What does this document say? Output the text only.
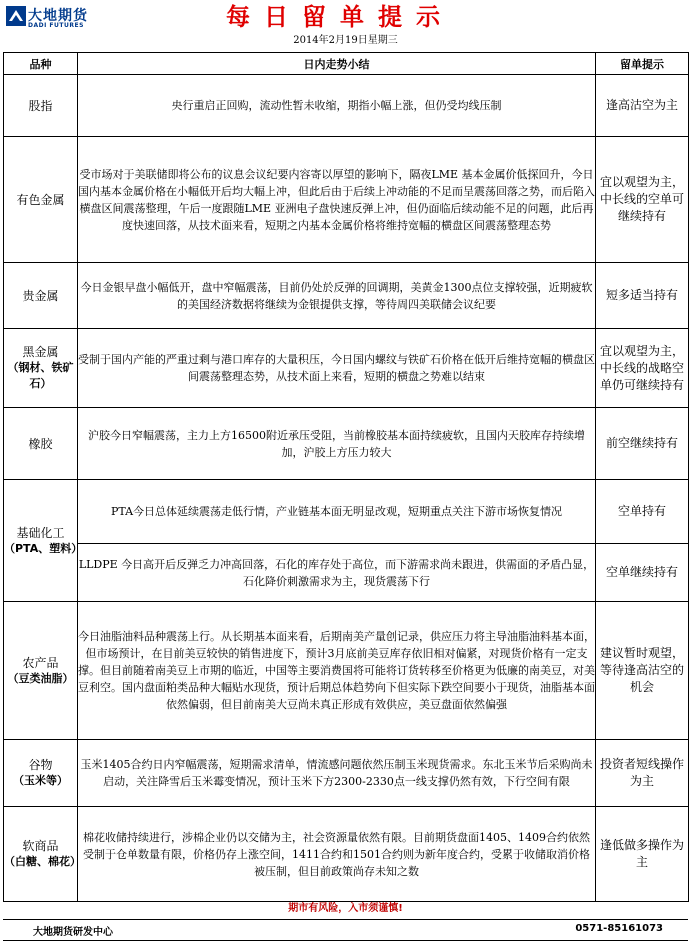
大地期货
DADI FUTURES	每日留单提示
2014年2月19日星期三
品种	日内走势小结	留单提示

股指	央行重启正回购，流动性暂未收缩，期指小幅上涨，但仍受均线压制	逢高沽空为主

有色金属	受市场对于美联储即将公布的议息会议纪要内容寄以厚望的影响下，隔夜LME 基本金属价低探回升，今日国内基本金属价格在小幅低开后均大幅上冲，但此后由于后续上冲动能的不足而呈震荡回落之势，而后陷入横盘区间震荡整理，午后一度跟随LME 亚洲电子盘快速反弹上冲，但仍面临后续动能不足的问题，此后再度快速回落，从技术面来看，短期之内基本金属价格将维持宽幅的横盘区间震荡整理态势	宜以观望为主，中长线的空单可继续持有

贵金属	今日金银早盘小幅低开，盘中窄幅震荡，目前仍处於反弹的回调期，美黄金1300点位支撑较强，近期疲软的美国经济数据将继续为金银提供支撑，等待周四美联储会议纪要	短多适当持有

黑金属
（钢材、铁矿石）	受制于国内产能的严重过剩与港口库存的大量积压，今日国内螺纹与铁矿石价格在低开后维持宽幅的横盘区间震荡整理态势，从技术面上来看，短期的横盘之势难以结束	宜以观望为主，中长线的战略空单仍可继续持有

橡胶	沪胶今日窄幅震荡，主力上方16500附近承压受阻，当前橡胶基本面持续疲软，且国内天胶库存持续增加，沪胶上方压力较大	前空继续持有

基础化工
（PTA、塑料）	PTA今日总体延续震荡走低行情，产业链基本面无明显改观，短期重点关注下游市场恢复情况	空单持有
	LLDPE 今日高开后反弹乏力冲高回落，石化的库存处于高位，而下游需求尚未跟进，供需面的矛盾凸显，石化降价刺激需求为主，现货震荡下行	空单继续持有

农产品
（豆类油脂）	今日油脂油料品种震荡上行。从长期基本面来看，后期南美产量创记录，供应压力将主导油脂油料基本面，但市场预计，在目前美豆较快的销售进度下，预计3月底前美豆库存依旧相对偏紧，对现货价格有一定支撑。但目前随着南美豆上市期的临近，中国等主要消费国将可能将订货转移至价格更为低廉的南美豆，对美豆利空。国内盘面粕类品种大幅贴水现货，预计后期总体趋势向下但实际下跌空间要小于现货，油脂基本面依然偏弱，但目前南美大豆尚未真正形成有效供应，美豆盘面依然偏强	建议暂时观望，等待逢高沽空的机会

谷物
（玉米等）	玉米1405合约日内窄幅震荡，短期需求清单，情流感问题依然压制玉米现货需求。东北玉米节后采购尚未启动，关注降雪后玉米霉变情况，预计玉米下方2300-2330点一线支撑仍然有效，下行空间有限	投资者短线操作为主

软商品
（白糖、棉花）	棉花收储持续进行，涉棉企业仍以交储为主，社会资源量依然有限。目前期货盘面1405、1409合约依然受制于仓单数量有限，价格仍存上涨空间，1411合约和1501合约则为新年度合约，受累于收储取消价格被压制，但目前政策尚存未知之数	逢低做多操作为主
期市有风险，入市须谨慎!
大地期货研发中心	0571-85161073
